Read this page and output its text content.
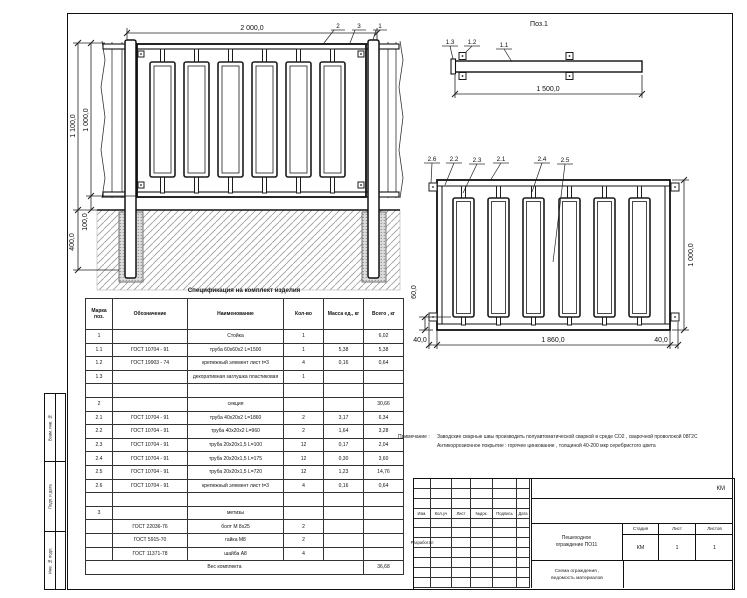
2 000,0
1 100,0 1 000,0
100,0
400,0
2	3	1	Поз.1
1.3 1.2	1.1
1 500,0
2.6 2.2 2.3 2.1	2.4 2.5
1 000,0
60,0
40,0	1 860,0	40,0
Спецификация на комплект изделия
Марка поз.	Обозначение	Наименование	Кол-во	Масса ед., кг	Всего , кг
1		Стойка	1		6,02
1.1	ГОСТ 10704 - 91	труба 60х60х2 L=1500	1	5,38	5,38
1.2	ГОСТ 19903 - 74	крепежный элемент лист t=3	4	0,16	0,64
1.3		декоративная заглушка пластиковая	1		

2		секция			30,66
2.1	ГОСТ 10704 - 91	труба 40х20х2 L=1860	2	3,17	6,34
2.2	ГОСТ 10704 - 91	труба 40х20х2 L=960	2	1,64	3,28
2.3	ГОСТ 10704 - 91	труба 20х20х1,5 L=100	12	0,17	2,04
2.4	ГОСТ 10704 - 91	труба 20х20х1,5 L=175	12	0,30	3,60
2.5	ГОСТ 10704 - 91	труба 20х20х1,5 L=720	12	1,23	14,76
2.6	ГОСТ 10704 - 91	крепежный элемент лист t=3	4	0,16	0,64

3		метизы			
	ГОСТ 22036-76	болт М 8х25	2		
	ГОСТ 5915-70	гайка М8	2		
	ГОСТ 11371-78	шайба А8	4		
Вес комплекта					36,68
Примечание :	Заводские сварные швы производить полуавтоматической сваркой в среде СО2 , сварочной проволокой 08Г2С
Антикоррозионное покрытие : горячее цинкование , толщиной 40-200 мкр серебристого цвета
Изм.	Кол.уч	Лист	№док.	Подпись	Дата
Разработал
КМ
Пешеходное
ограждение ПО11
Стадия	Лист	Листов
КМ	1	1
Схема ограждения ,
ведомость материалов
Взам. инв. №
Подп. и дата
Инв. № подл.
